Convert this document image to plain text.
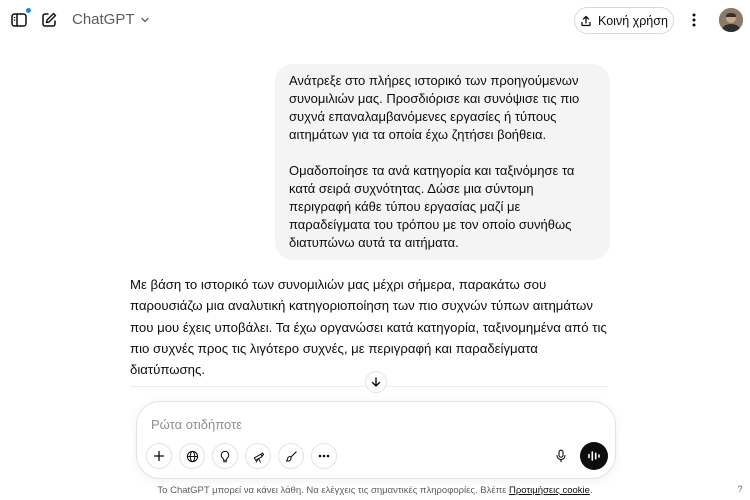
ChatGPT	Κοινή χρήση

Ανάτρεξε στο πλήρες ιστορικό των προηγούμενων συνομιλιών μας. Προσδιόρισε και συνόψισε τις πιο συχνά επαναλαμβανόμενες εργασίες ή τύπους αιτημάτων για τα οποία έχω ζητήσει βοήθεια.

Ομαδοποίησε τα ανά κατηγορία και ταξινόμησε τα κατά σειρά συχνότητας. Δώσε μια σύντομη περιγραφή κάθε τύπου εργασίας μαζί με παραδείγματα του τρόπου με τον οποίο συνήθως διατυπώνω αυτά τα αιτήματα.

Με βάση το ιστορικό των συνομιλιών μας μέχρι σήμερα, παρακάτω σου παρουσιάζω μια αναλυτική κατηγοριοποίηση των πιο συχνών τύπων αιτημάτων που μου έχεις υποβάλει. Τα έχω οργανώσει κατά κατηγορία, ταξινομημένα από τις πιο συχνές προς τις λιγότερο συχνές, με περιγραφή και παραδείγματα διατύπωσης.
Ρώτα οτιδήποτε
Το ChatGPT μπορεί να κάνει λάθη. Να ελέγχεις τις σημαντικές πληροφορίες. Βλέπε Προτιμήσεις cookie.	?
